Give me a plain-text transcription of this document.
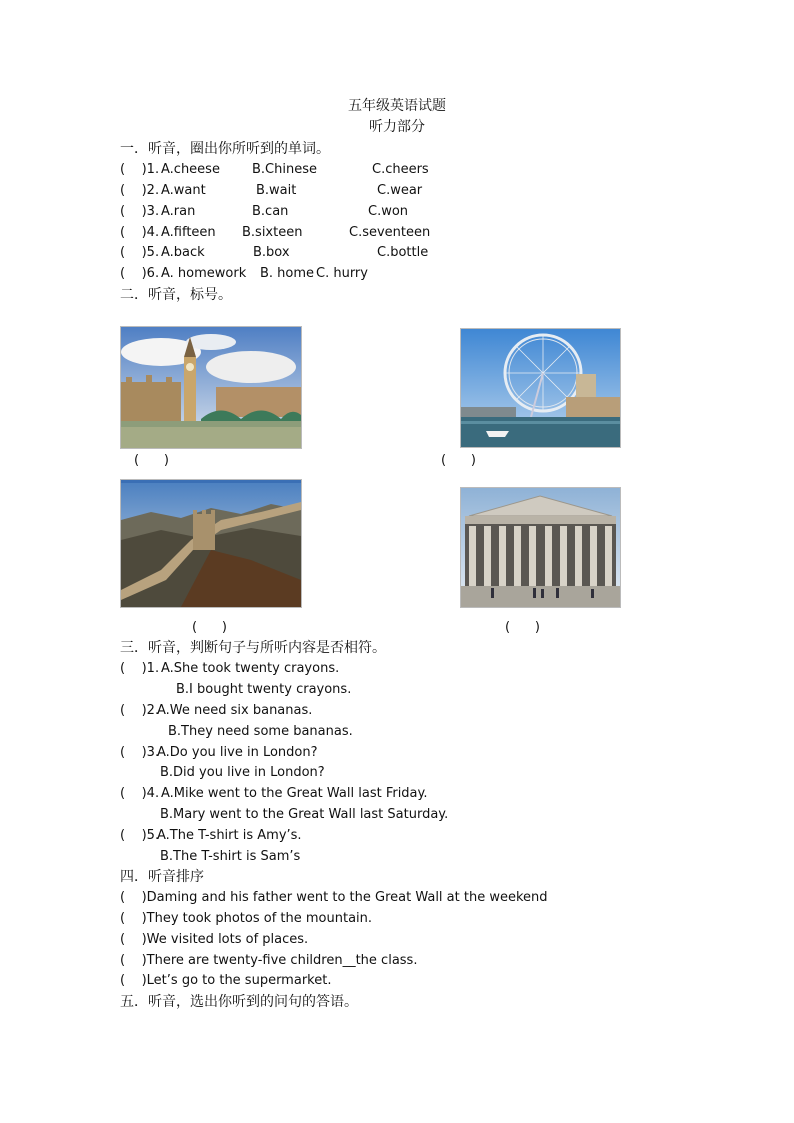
五年级英语试题
听力部分
一．听音，圈出你所听到的单词。
(    )1. A.cheese B.Chinese	C.cheers
(    )2. A.want	B.wait	C.wear
(    )3. A.ran	B.can	C.won
(    )4. A.fifteen B.sixteen	C.seventeen
(    )5. A.back	B.box	C.bottle
(    )6. A. homework B. home C. hurry
二．听音，标号。
(      )	(      )
(      )	(      )
三．听音，判断句子与所听内容是否相符。
(    )1. A.She took twenty crayons.
B.I bought twenty crayons.
(    )2.
A.We need six bananas.
B.They need some bananas.
(    )3.
A.Do you live in London?
B.Did you live in London?
(    )4. A.Mike went to the Great Wall last Friday.
B.Mary went to the Great Wall last Saturday.
(    )5.
A.The T-shirt is Amy’s.
B.The T-shirt is Sam’s
四．听音排序
(    )Daming and his father went to the Great Wall at the weekend
(    )They took photos of the mountain.
(    )We visited lots of places.
(    )There are twenty-five children__the class.
(    )Let’s go to the supermarket.
五．听音，选出你听到的问句的答语。
